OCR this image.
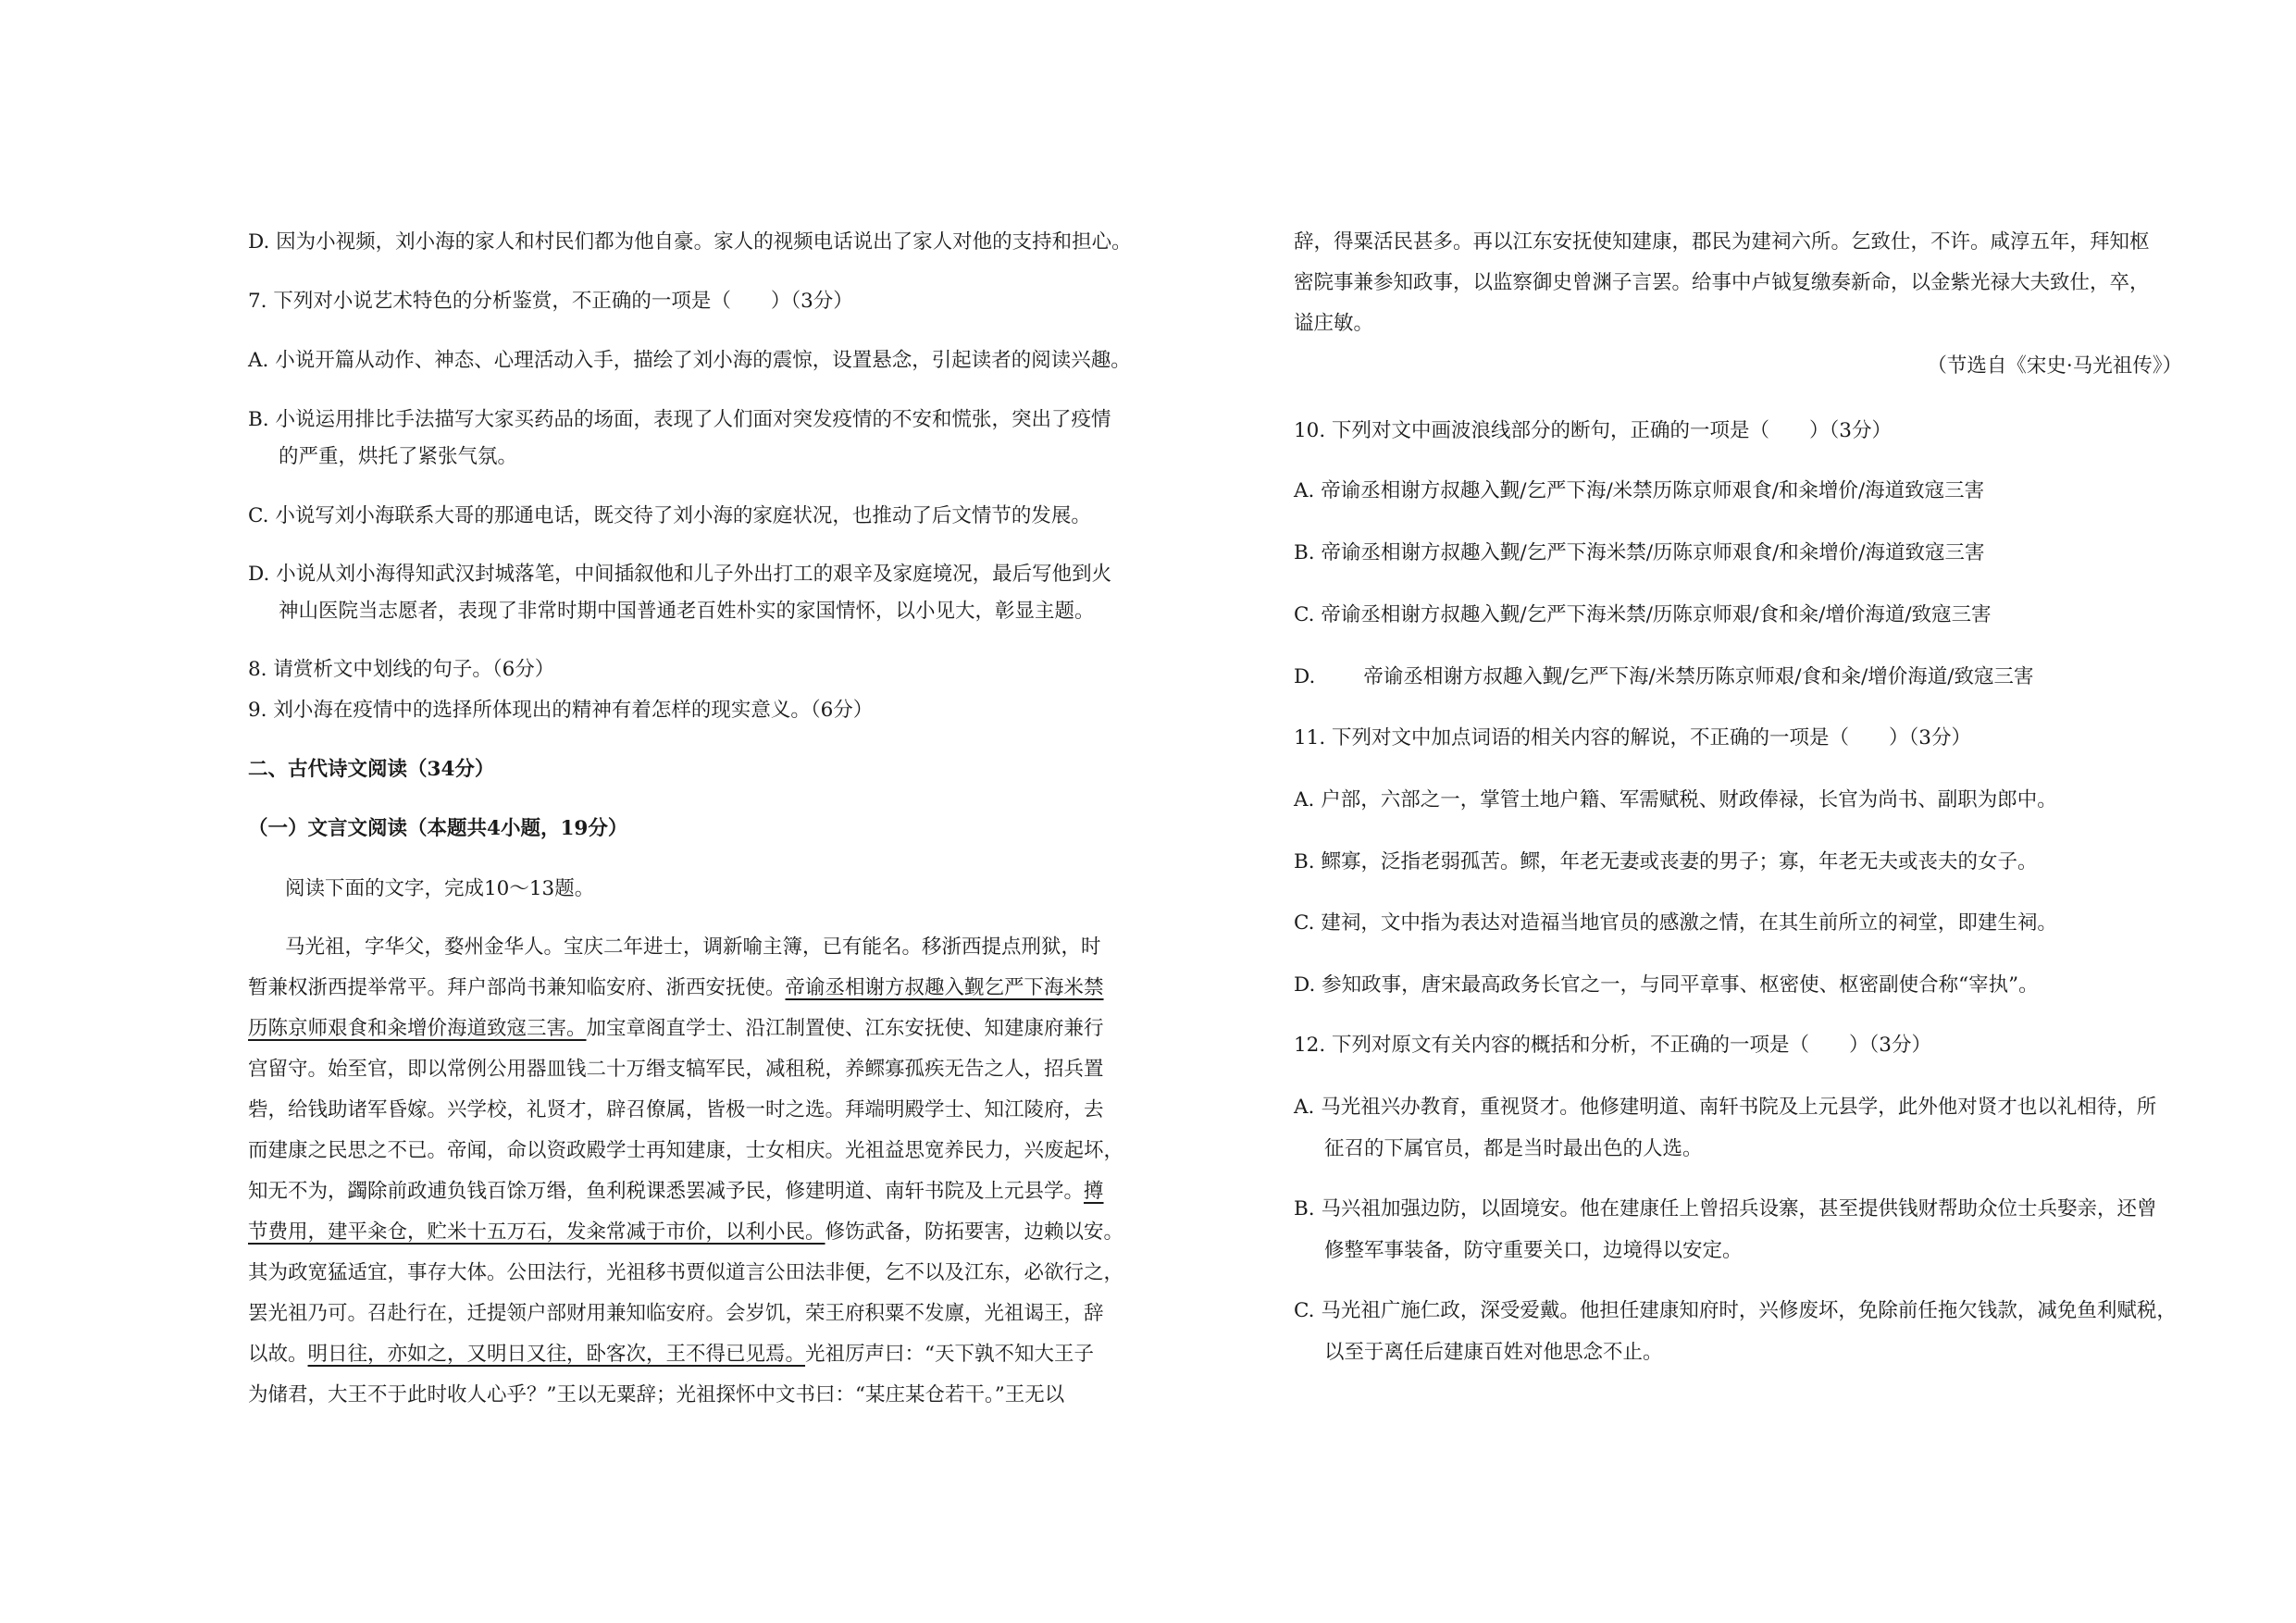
D. 因为小视频，刘小海的家人和村民们都为他自豪。家人的视频电话说出了家人对他的支持和担心。
7. 下列对小说艺术特色的分析鉴赏，不正确的一项是（　　）（3分）
A. 小说开篇从动作、神态、心理活动入手，描绘了刘小海的震惊，设置悬念，引起读者的阅读兴趣。
B. 小说运用排比手法描写大家买药品的场面，表现了人们面对突发疫情的不安和慌张，突出了疫情
的严重，烘托了紧张气氛。
C. 小说写刘小海联系大哥的那通电话，既交待了刘小海的家庭状况，也推动了后文情节的发展。
D. 小说从刘小海得知武汉封城落笔，中间插叙他和儿子外出打工的艰辛及家庭境况，最后写他到火
神山医院当志愿者，表现了非常时期中国普通老百姓朴实的家国情怀，以小见大，彰显主题。
8. 请赏析文中划线的句子。（6分）
9. 刘小海在疫情中的选择所体现出的精神有着怎样的现实意义。（6分）
二、古代诗文阅读（34分）
（一）文言文阅读（本题共4小题，19分）
阅读下面的文字，完成10～13题。
马光祖，字华父，婺州金华人。宝庆二年进士，调新喻主簿，已有能名。移浙西提点刑狱，时
暂兼权浙西提举常平。拜户部尚书兼知临安府、浙西安抚使。帝谕丞相谢方叔趣入觐乞严下海米禁
历陈京师艰食和籴增价海道致寇三害。加宝章阁直学士、沿江制置使、江东安抚使、知建康府兼行
宫留守。始至官，即以常例公用器皿钱二十万缗支犒军民，减租税，养鳏寡孤疾无告之人，招兵置
砦，给钱助诸军昏嫁。兴学校，礼贤才，辟召僚属，皆极一时之选。拜端明殿学士、知江陵府，去
而建康之民思之不已。帝闻，命以资政殿学士再知建康，士女相庆。光祖益思宽养民力，兴废起坏，
知无不为，蠲除前政逋负钱百馀万缗，鱼利税课悉罢减予民，修建明道、南轩书院及上元县学。撙
节费用，建平籴仓，贮米十五万石，发籴常减于市价，以利小民。修饬武备，防拓要害，边赖以安。
其为政宽猛适宜，事存大体。公田法行，光祖移书贾似道言公田法非便，乞不以及江东，必欲行之，
罢光祖乃可。召赴行在，迁提领户部财用兼知临安府。会岁饥，荣王府积粟不发廪，光祖谒王，辞
以故。明日往，亦如之，又明日又往，卧客次，王不得已见焉。光祖厉声曰：“天下孰不知大王子
为储君，大王不于此时收人心乎？”王以无粟辞；光祖探怀中文书曰：“某庄某仓若干。”王无以
辞，得粟活民甚多。再以江东安抚使知建康，郡民为建祠六所。乞致仕，不许。咸淳五年，拜知枢
密院事兼参知政事，以监察御史曾渊子言罢。给事中卢钺复缴奏新命，以金紫光禄大夫致仕，卒，
谥庄敏。
（节选自《宋史·马光祖传》）
10. 下列对文中画波浪线部分的断句，正确的一项是（　　）（3分）
A. 帝谕丞相谢方叔趣入觐/乞严下海/米禁历陈京师艰食/和籴增价/海道致寇三害
B. 帝谕丞相谢方叔趣入觐/乞严下海米禁/历陈京师艰食/和籴增价/海道致寇三害
C. 帝谕丞相谢方叔趣入觐/乞严下海米禁/历陈京师艰/食和籴/增价海道/致寇三害
D. 帝谕丞相谢方叔趣入觐/乞严下海/米禁历陈京师艰/食和籴/增价海道/致寇三害
11. 下列对文中加点词语的相关内容的解说，不正确的一项是（　　）（3分）
A. 户部，六部之一，掌管土地户籍、军需赋税、财政俸禄，长官为尚书、副职为郎中。
B. 鳏寡，泛指老弱孤苦。鳏，年老无妻或丧妻的男子；寡，年老无夫或丧夫的女子。
C. 建祠，文中指为表达对造福当地官员的感激之情，在其生前所立的祠堂，即建生祠。
D. 参知政事，唐宋最高政务长官之一，与同平章事、枢密使、枢密副使合称“宰执”。
12. 下列对原文有关内容的概括和分析，不正确的一项是（　　）（3分）
A. 马光祖兴办教育，重视贤才。他修建明道、南轩书院及上元县学，此外他对贤才也以礼相待，所
征召的下属官员，都是当时最出色的人选。
B. 马兴祖加强边防，以固境安。他在建康任上曾招兵设寨，甚至提供钱财帮助众位士兵娶亲，还曾
修整军事装备，防守重要关口，边境得以安定。
C. 马光祖广施仁政，深受爱戴。他担任建康知府时，兴修废坏，免除前任拖欠钱款，减免鱼利赋税，
以至于离任后建康百姓对他思念不止。
